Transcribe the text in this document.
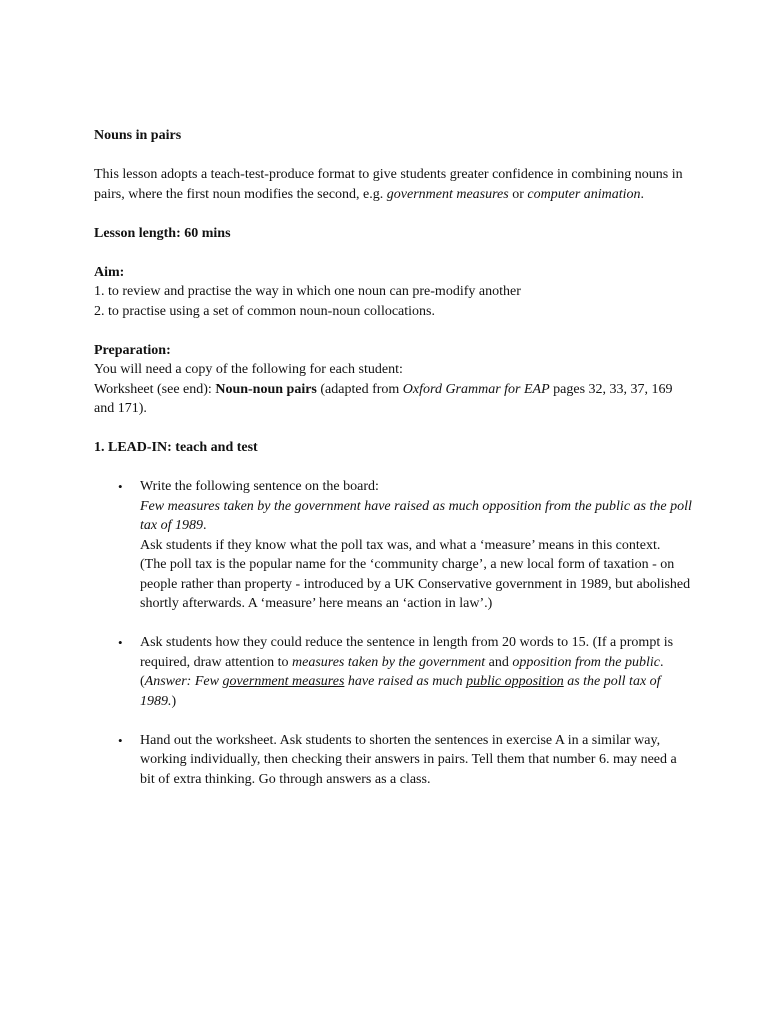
Nouns in pairs

This lesson adopts a teach-test-produce format to give students greater confidence in combining nouns in pairs, where the first noun modifies the second, e.g. government measures or computer animation.

Lesson length: 60 mins

Aim:

1. to review and practise the way in which one noun can pre-modify another

2. to practise using a set of common noun-noun collocations.

Preparation:

You will need a copy of the following for each student:

Worksheet (see end): Noun-noun pairs (adapted from Oxford Grammar for EAP pages 32, 33, 37, 169 and 171).

1. LEAD-IN: teach and test

• Write the following sentence on the board:

Few measures taken by the government have raised as much opposition from the public as the poll tax of 1989.

Ask students if they know what the poll tax was, and what a ‘measure’ means in this context.

(The poll tax is the popular name for the ‘community charge’, a new local form of taxation - on people rather than property - introduced by a UK Conservative government in 1989, but abolished shortly afterwards. A ‘measure’ here means an ‘action in law’.)

• Ask students how they could reduce the sentence in length from 20 words to 15. (If a prompt is required, draw attention to measures taken by the government and opposition from the public.

(Answer: Few government measures have raised as much public opposition as the poll tax of 1989.)

• Hand out the worksheet. Ask students to shorten the sentences in exercise A in a similar way, working individually, then checking their answers in pairs. Tell them that number 6. may need a bit of extra thinking. Go through answers as a class.
